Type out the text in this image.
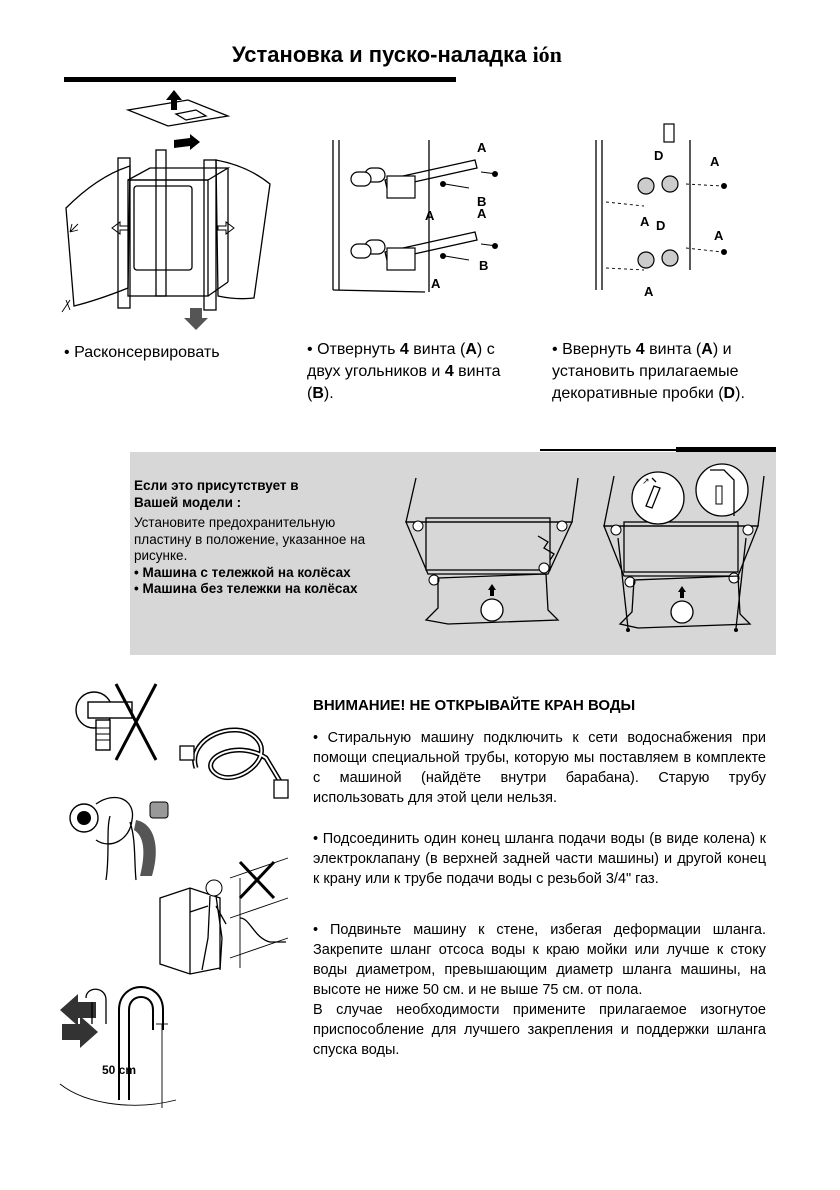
Установка и пуско-наладка ión
A
A	A
A
B
B
D	A
A D
A
A
• Расконсервировать	• Отвернуть 4 винта (A) с двух угольников и 4 винта (B).
• Ввернуть 4 винта (A) и установить прилагаемые декоративные пробки (D).
Если это присутствует в
Вашей модели :
Установите предохранительную пластину в положение, указанное на рисунке.
• Машина с тележкой на колёсах
• Машина без тележки на колёсах
↗
50 cm
ВНИМАНИЕ! НЕ ОТКРЫВАЙТЕ КРАН ВОДЫ

• Стиральную машину подключить к сети водоснабжения при помощи специальной трубы, которую мы поставляем в комплекте с машиной (найдёте внутри барабана). Старую трубу использовать для этой цели нельзя.

• Подсоединить один конец шланга подачи воды (в виде колена) к электроклапану (в верхней задней части машины) и другой конец к крану или к трубе подачи воды с резьбой 3/4" газ.

• Подвиньте машину к стене, избегая деформации шланга. Закрепите шланг отсоса воды к краю мойки или лучше к стоку воды диаметром, превышающим диаметр шланга машины, на высоте не ниже 50 см. и не выше 75 см. от пола.

В случае необходимости примените прилагаемое изогнутое приспособление для лучшего закрепления и поддержки шланга спуска воды.
